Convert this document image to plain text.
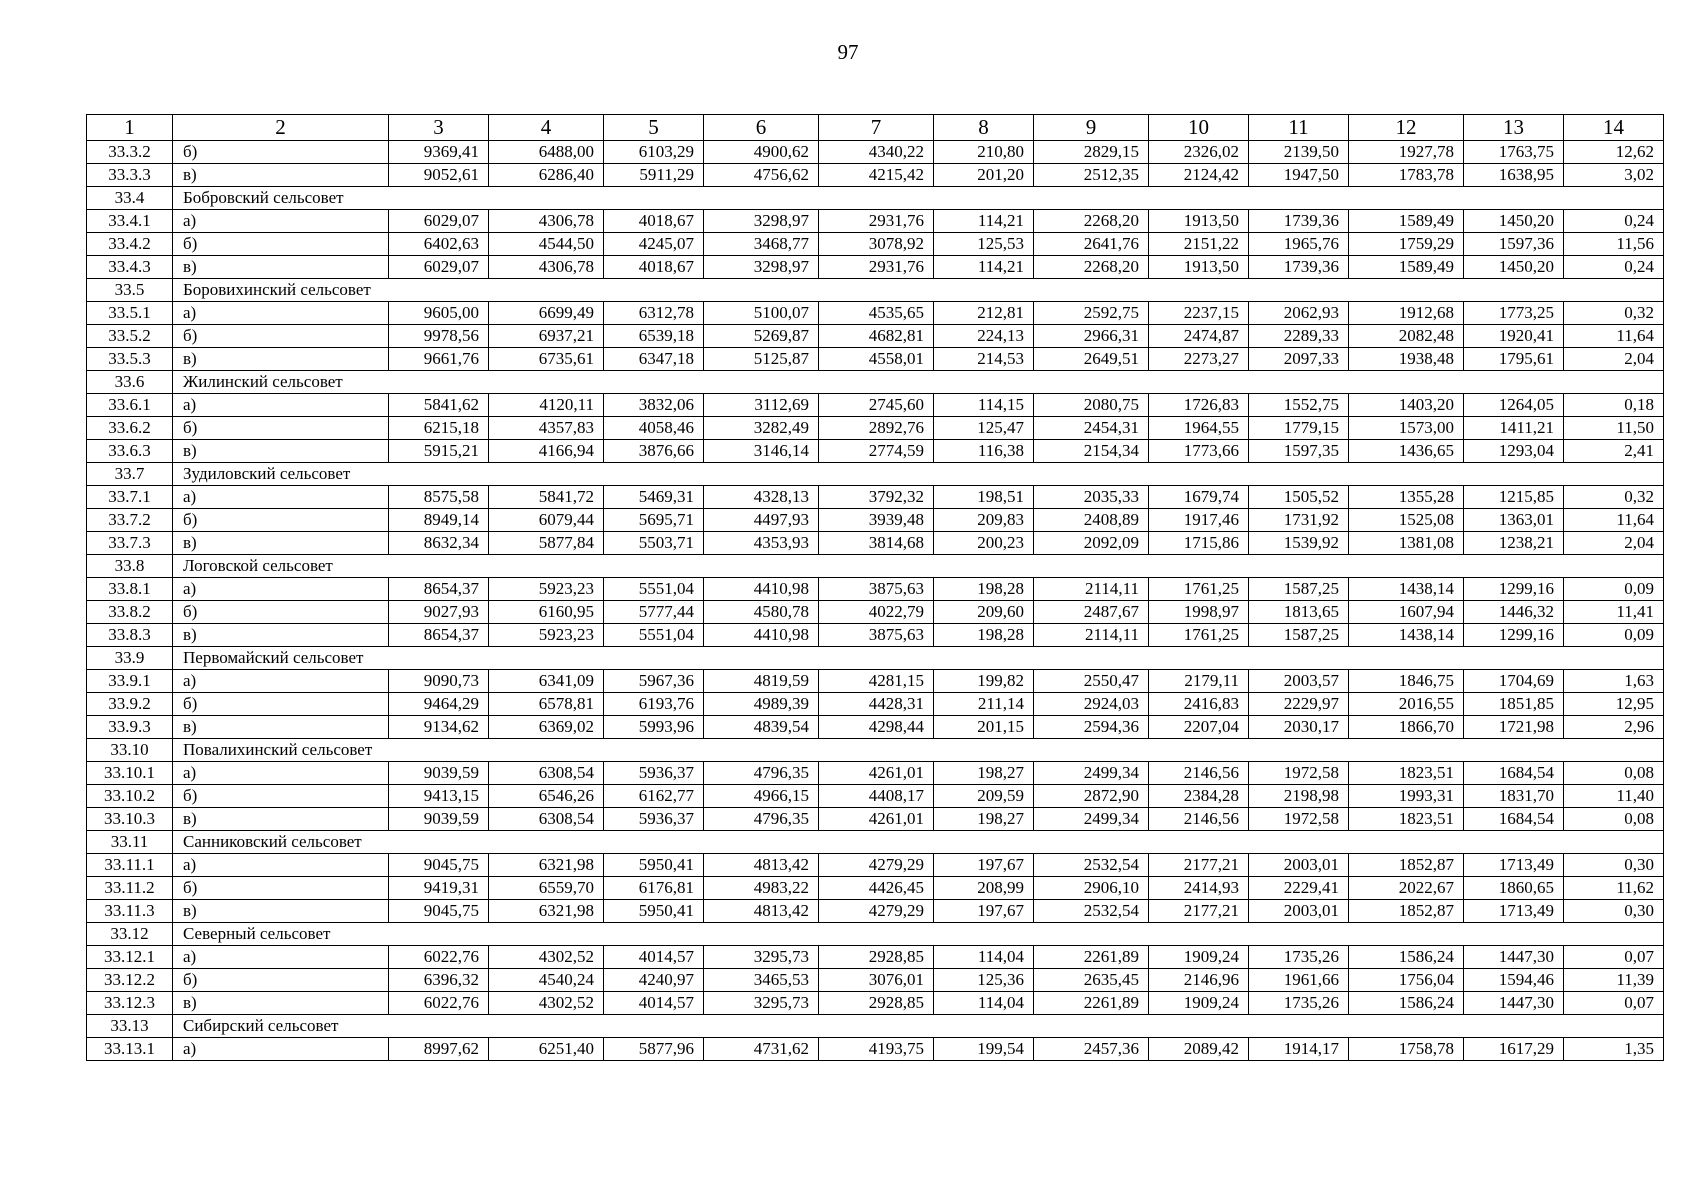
97
1	2	3	4	5	6	7	8	9	10	11	12	13	14
33.3.2	б)	9369,41	6488,00	6103,29	4900,62	4340,22	210,80	2829,15	2326,02	2139,50	1927,78	1763,75	12,62
33.3.3	в)	9052,61	6286,40	5911,29	4756,62	4215,42	201,20	2512,35	2124,42	1947,50	1783,78	1638,95	3,02
33.4	Бобровский сельсовет												
33.4.1	а)	6029,07	4306,78	4018,67	3298,97	2931,76	114,21	2268,20	1913,50	1739,36	1589,49	1450,20	0,24
33.4.2	б)	6402,63	4544,50	4245,07	3468,77	3078,92	125,53	2641,76	2151,22	1965,76	1759,29	1597,36	11,56
33.4.3	в)	6029,07	4306,78	4018,67	3298,97	2931,76	114,21	2268,20	1913,50	1739,36	1589,49	1450,20	0,24
33.5	Боровихинский сельсовет												
33.5.1	а)	9605,00	6699,49	6312,78	5100,07	4535,65	212,81	2592,75	2237,15	2062,93	1912,68	1773,25	0,32
33.5.2	б)	9978,56	6937,21	6539,18	5269,87	4682,81	224,13	2966,31	2474,87	2289,33	2082,48	1920,41	11,64
33.5.3	в)	9661,76	6735,61	6347,18	5125,87	4558,01	214,53	2649,51	2273,27	2097,33	1938,48	1795,61	2,04
33.6	Жилинский сельсовет												
33.6.1	а)	5841,62	4120,11	3832,06	3112,69	2745,60	114,15	2080,75	1726,83	1552,75	1403,20	1264,05	0,18
33.6.2	б)	6215,18	4357,83	4058,46	3282,49	2892,76	125,47	2454,31	1964,55	1779,15	1573,00	1411,21	11,50
33.6.3	в)	5915,21	4166,94	3876,66	3146,14	2774,59	116,38	2154,34	1773,66	1597,35	1436,65	1293,04	2,41
33.7	Зудиловский сельсовет												
33.7.1	а)	8575,58	5841,72	5469,31	4328,13	3792,32	198,51	2035,33	1679,74	1505,52	1355,28	1215,85	0,32
33.7.2	б)	8949,14	6079,44	5695,71	4497,93	3939,48	209,83	2408,89	1917,46	1731,92	1525,08	1363,01	11,64
33.7.3	в)	8632,34	5877,84	5503,71	4353,93	3814,68	200,23	2092,09	1715,86	1539,92	1381,08	1238,21	2,04
33.8	Логовской сельсовет												
33.8.1	а)	8654,37	5923,23	5551,04	4410,98	3875,63	198,28	2114,11	1761,25	1587,25	1438,14	1299,16	0,09
33.8.2	б)	9027,93	6160,95	5777,44	4580,78	4022,79	209,60	2487,67	1998,97	1813,65	1607,94	1446,32	11,41
33.8.3	в)	8654,37	5923,23	5551,04	4410,98	3875,63	198,28	2114,11	1761,25	1587,25	1438,14	1299,16	0,09
33.9	Первомайский сельсовет												
33.9.1	а)	9090,73	6341,09	5967,36	4819,59	4281,15	199,82	2550,47	2179,11	2003,57	1846,75	1704,69	1,63
33.9.2	б)	9464,29	6578,81	6193,76	4989,39	4428,31	211,14	2924,03	2416,83	2229,97	2016,55	1851,85	12,95
33.9.3	в)	9134,62	6369,02	5993,96	4839,54	4298,44	201,15	2594,36	2207,04	2030,17	1866,70	1721,98	2,96
33.10	Повалихинский сельсовет												
33.10.1	а)	9039,59	6308,54	5936,37	4796,35	4261,01	198,27	2499,34	2146,56	1972,58	1823,51	1684,54	0,08
33.10.2	б)	9413,15	6546,26	6162,77	4966,15	4408,17	209,59	2872,90	2384,28	2198,98	1993,31	1831,70	11,40
33.10.3	в)	9039,59	6308,54	5936,37	4796,35	4261,01	198,27	2499,34	2146,56	1972,58	1823,51	1684,54	0,08
33.11	Санниковский сельсовет												
33.11.1	а)	9045,75	6321,98	5950,41	4813,42	4279,29	197,67	2532,54	2177,21	2003,01	1852,87	1713,49	0,30
33.11.2	б)	9419,31	6559,70	6176,81	4983,22	4426,45	208,99	2906,10	2414,93	2229,41	2022,67	1860,65	11,62
33.11.3	в)	9045,75	6321,98	5950,41	4813,42	4279,29	197,67	2532,54	2177,21	2003,01	1852,87	1713,49	0,30
33.12	Северный сельсовет												
33.12.1	а)	6022,76	4302,52	4014,57	3295,73	2928,85	114,04	2261,89	1909,24	1735,26	1586,24	1447,30	0,07
33.12.2	б)	6396,32	4540,24	4240,97	3465,53	3076,01	125,36	2635,45	2146,96	1961,66	1756,04	1594,46	11,39
33.12.3	в)	6022,76	4302,52	4014,57	3295,73	2928,85	114,04	2261,89	1909,24	1735,26	1586,24	1447,30	0,07
33.13	Сибирский сельсовет												
33.13.1	а)	8997,62	6251,40	5877,96	4731,62	4193,75	199,54	2457,36	2089,42	1914,17	1758,78	1617,29	1,35
